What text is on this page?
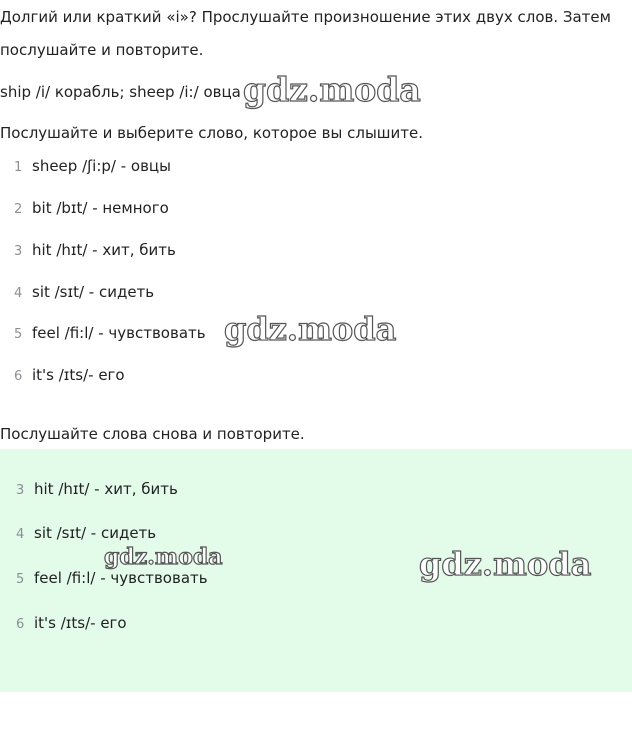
Долгий или краткий «i»? Прослушайте произношение этих двух слов. Затем
послушайте и повторите.
ship /i/ корабль; sheep /i:/ овца
Послушайте и выберите слово, которое вы слышите.
1 sheep /ʃi:p/ - овцы
2 bit /bɪt/ - немного
3 hit /hɪt/ - хит, бить
4 sit /sɪt/ - сидеть
5 feel /fi:l/ - чувствовать
6 it's /ɪts/- его
Послушайте слова снова и повторите.
3 hit /hɪt/ - хит, бить
4 sit /sɪt/ - сидеть
5 feel /fi:l/ - чувствовать
6 it's /ɪts/- его
gdz.moda
gdz.moda
gdz.moda	gdz.moda
